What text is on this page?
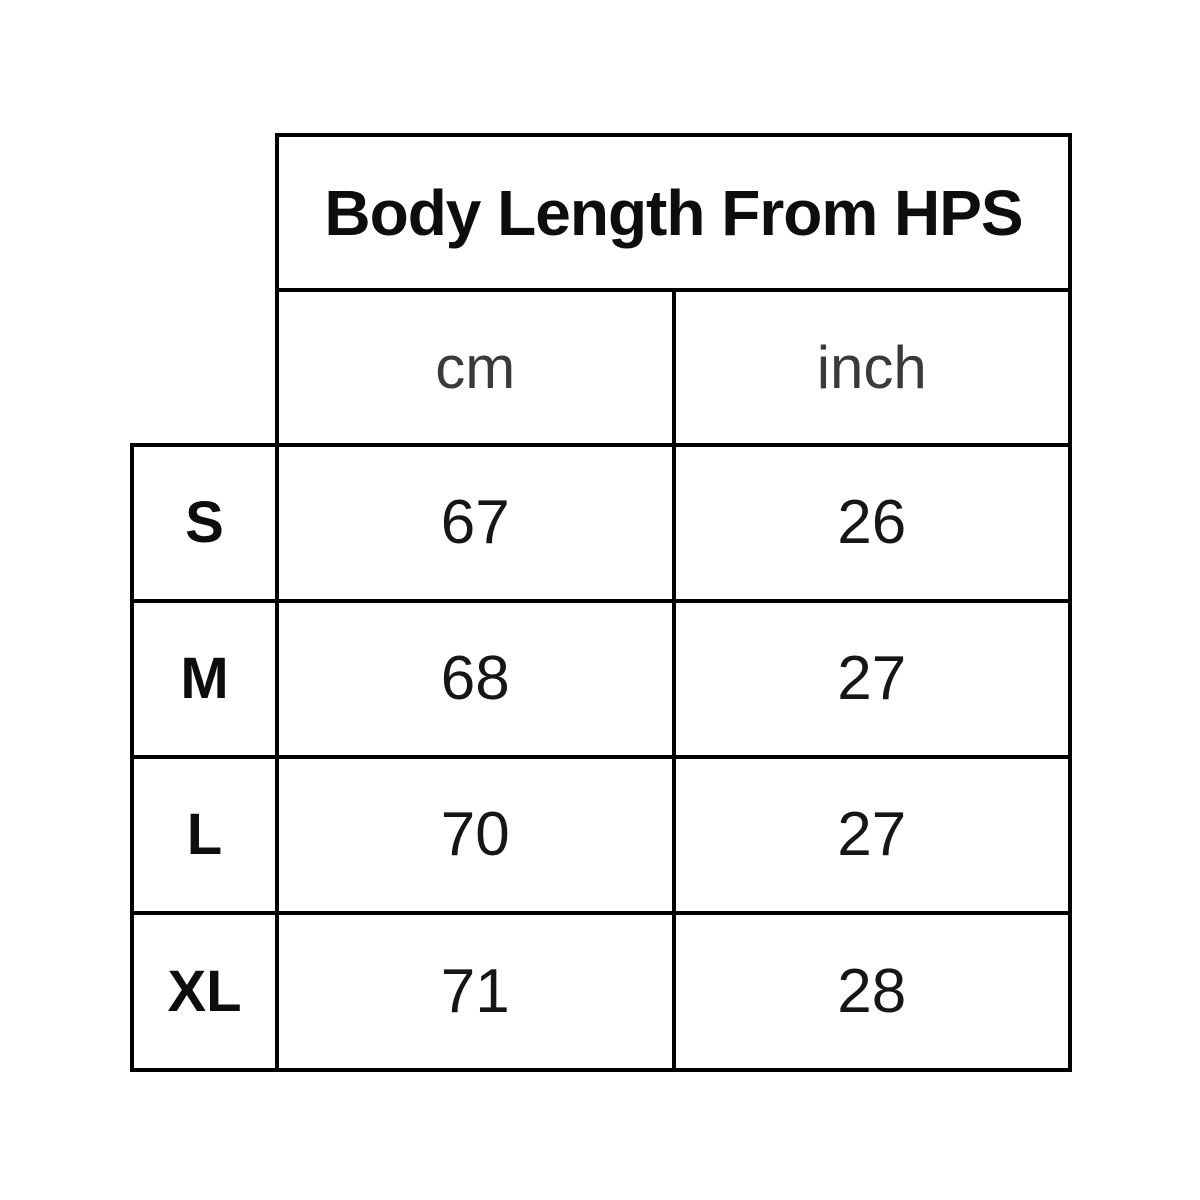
	Body Length From HPS	
	cm	inch
S	67	26
M	68	27
L	70	27
XL	71	28
